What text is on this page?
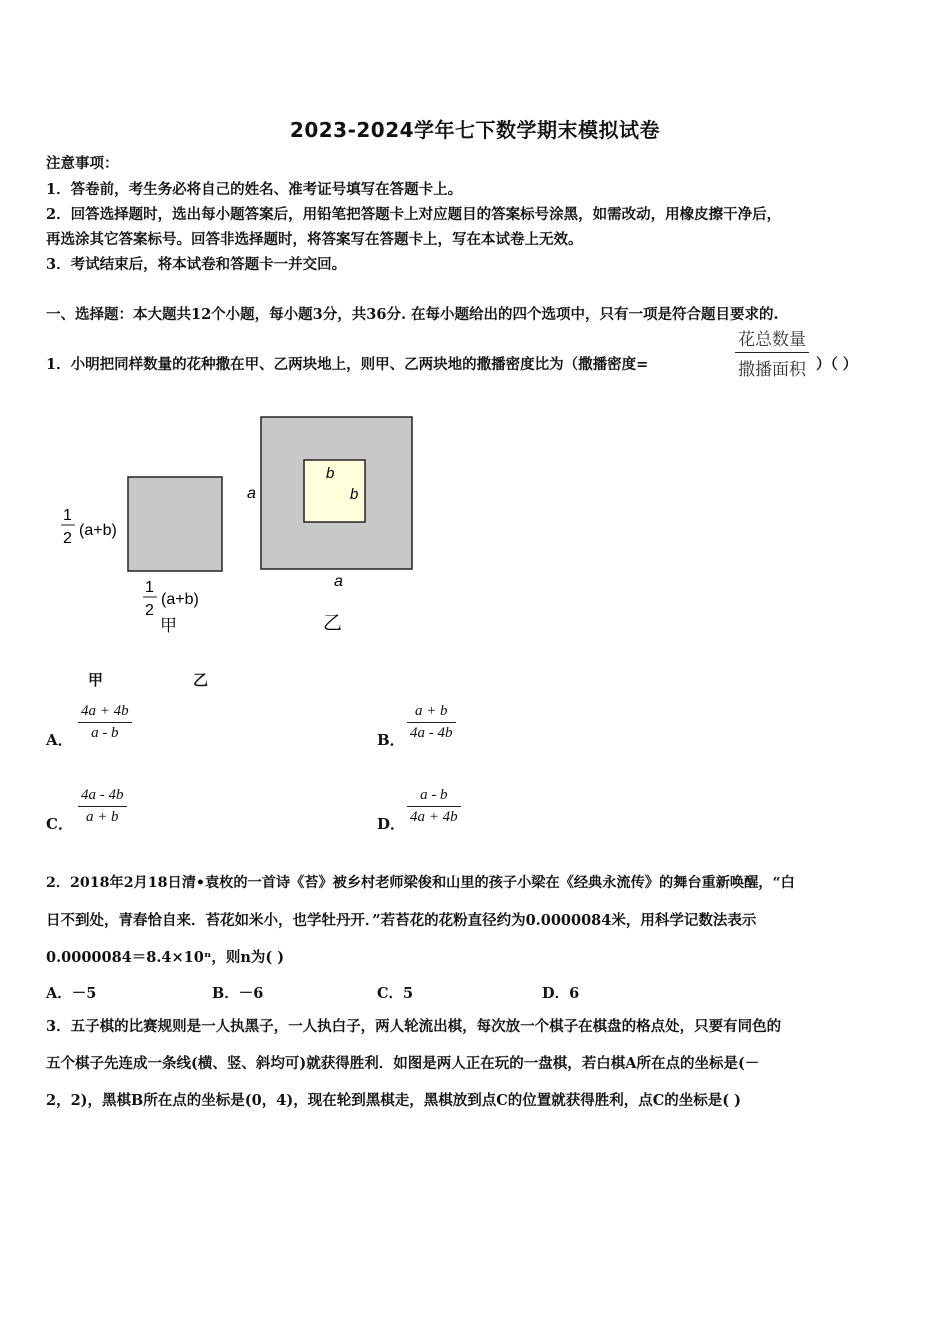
2023-2024学年七下数学期末模拟试卷
注意事项：
1．答卷前，考生务必将自己的姓名、准考证号填写在答题卡上。
2．回答选择题时，选出每小题答案后，用铅笔把答题卡上对应题目的答案标号涂黑，如需改动，用橡皮擦干净后，
再选涂其它答案标号。回答非选择题时，将答案写在答题卡上，写在本试卷上无效。
3．考试结束后，将本试卷和答题卡一并交回。
一、选择题：本大题共12个小题，每小题3分，共36分. 在每小题给出的四个选项中，只有一项是符合题目要求的.
1．小明把同样数量的花种撒在甲、乙两块地上，则甲、乙两块地的撒播密度比为（撒播密度=
花总数量
撒播面积 ）（ ）
1
2 (a+b)
1
2
(a+b)
甲
a
a
b
b
乙
甲	乙
A．
4a + 4b
a - b	B．
a + b
4a - 4b
C．
4a - 4b
a + b	D．
a - b
4a + 4b
2．2018年2月18日清•袁枚的一首诗《苔》被乡村老师梁俊和山里的孩子小梁在《经典永流传》的舞台重新唤醒，“白
日不到处，青春恰自来．苔花如米小，也学牡丹开．”若苔花的花粉直径约为0.0000084米，用科学记数法表示
0.0000084＝8.4×10ⁿ，则n为( )
A．－5	B．－6	C．5	D．6
3．五子棋的比赛规则是一人执黑子，一人执白子，两人轮流出棋，每次放一个棋子在棋盘的格点处，只要有同色的
五个棋子先连成一条线(横、竖、斜均可)就获得胜利．如图是两人正在玩的一盘棋，若白棋A所在点的坐标是(－
2，2)，黑棋B所在点的坐标是(0，4)，现在轮到黑棋走，黑棋放到点C的位置就获得胜利，点C的坐标是( )
